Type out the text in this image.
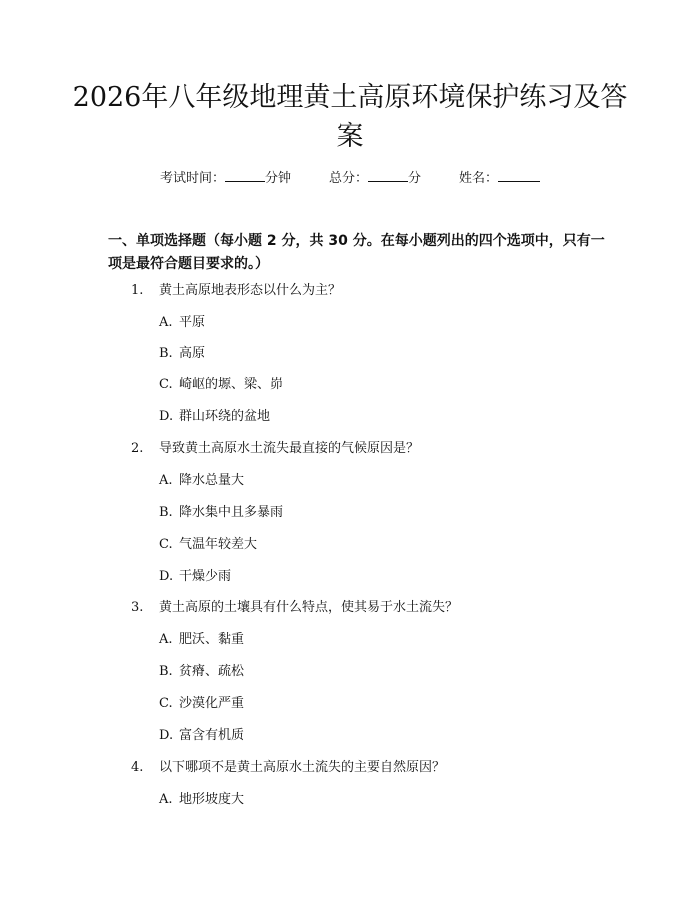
2026年八年级地理黄土高原环境保护练习及答案
考试时间：	分钟	总分：	分	姓名：
一、单项选择题（每小题 2 分，共 30 分。在每小题列出的四个选项中，只有一项是最符合题目要求的。）
1.	黄土高原地表形态以什么为主？
A. 平原
B. 高原
C. 崎岖的塬、梁、峁
D. 群山环绕的盆地
2.	导致黄土高原水土流失最直接的气候原因是？
A. 降水总量大
B. 降水集中且多暴雨
C. 气温年较差大
D. 干燥少雨
3.	黄土高原的土壤具有什么特点，使其易于水土流失？
A. 肥沃、黏重
B. 贫瘠、疏松
C. 沙漠化严重
D. 富含有机质
4.	以下哪项不是黄土高原水土流失的主要自然原因？
A. 地形坡度大
